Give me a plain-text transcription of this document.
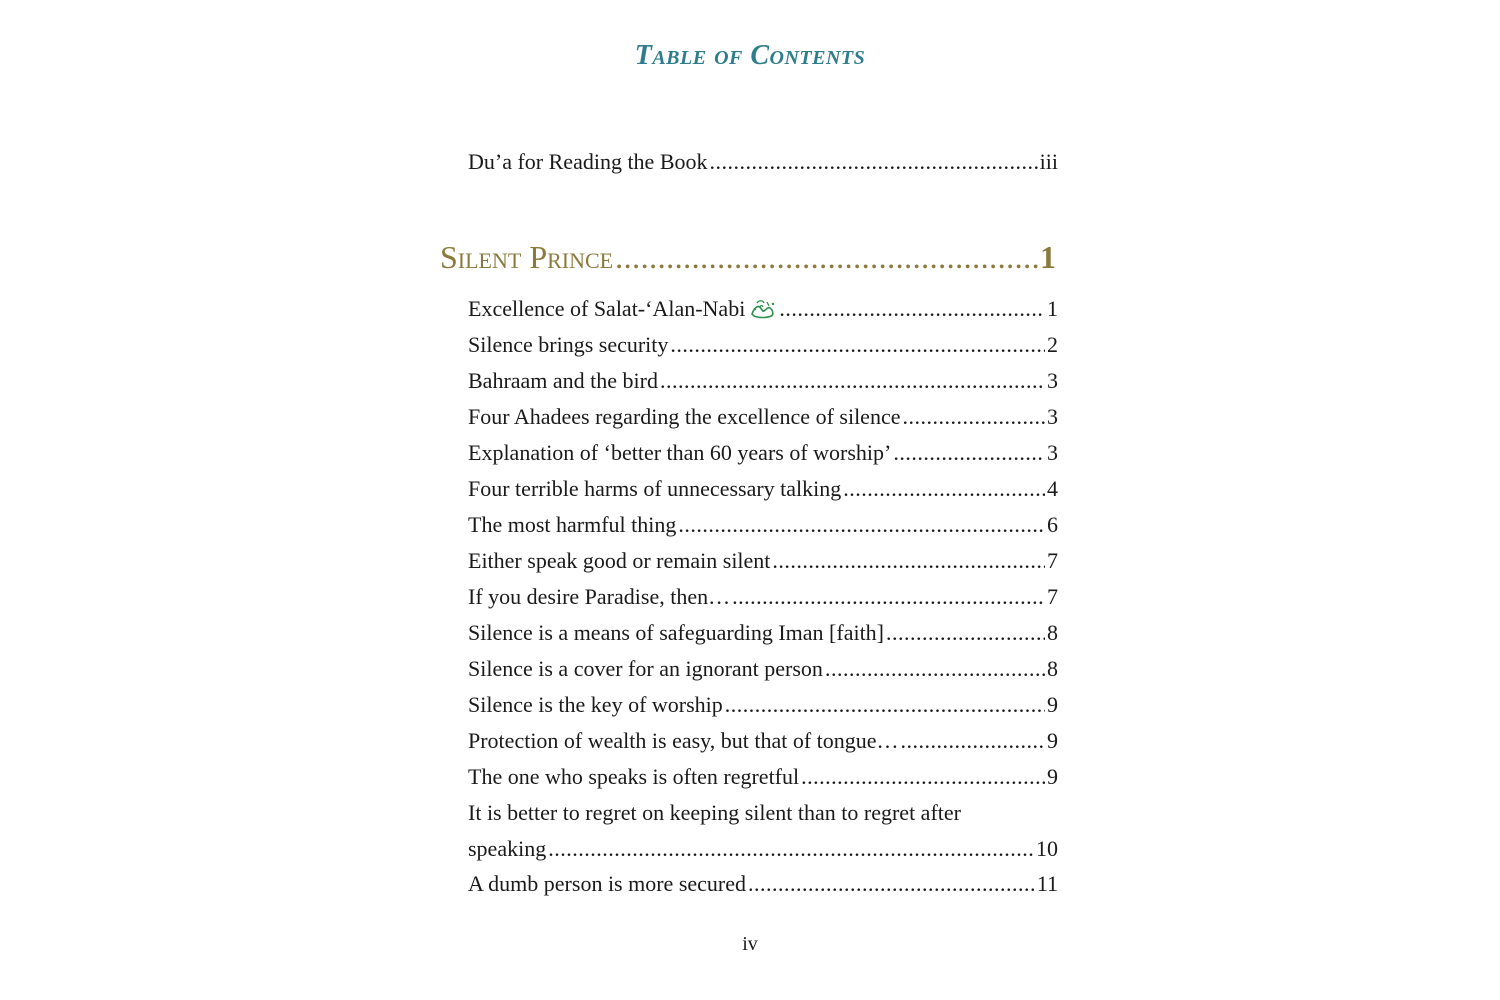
Table of Contents
Du’a for Reading the Book .....	iii
Silent Prince .....	1
Excellence of Salat-‘Alan-Nabi .....	1
Silence brings security .....	2
Bahraam and the bird .....	3
Four Ahadees regarding the excellence of silence .....	3
Explanation of ‘better than 60 years of worship’ .....	3
Four terrible harms of unnecessary talking .....	4
The most harmful thing .....	6
Either speak good or remain silent .....	7
If you desire Paradise, then… .....	7
Silence is a means of safeguarding Iman [faith] .....	8
Silence is a cover for an ignorant person .....	8
Silence is the key of worship .....	9
Protection of wealth is easy, but that of tongue… .....	9
The one who speaks is often regretful .....	9
It is better to regret on keeping silent than to regret after
speaking .....	10
A dumb person is more secured .....	11
iv
